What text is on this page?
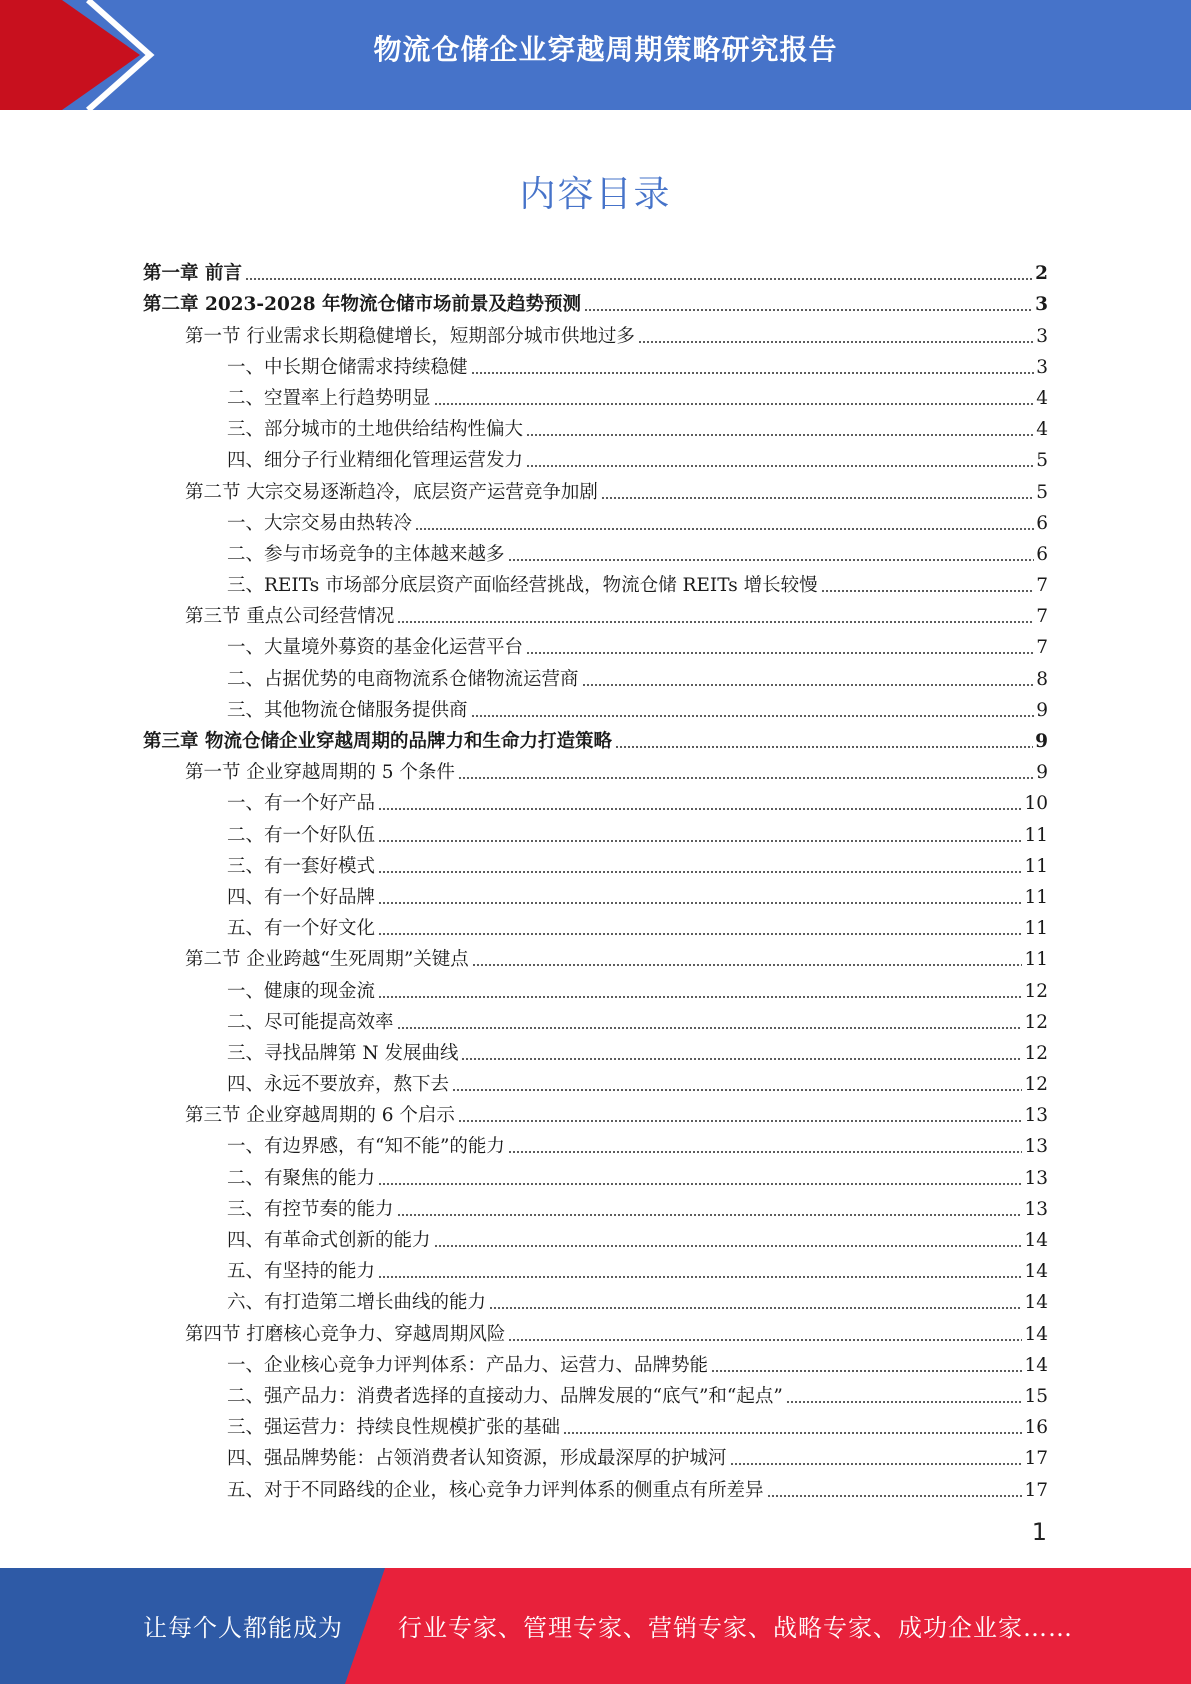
物流仓储企业穿越周期策略研究报告
内容目录
第一章 前言	2
第二章 2023-2028 年物流仓储市场前景及趋势预测	3
第一节 行业需求长期稳健增长，短期部分城市供地过多	3
一、中长期仓储需求持续稳健	3
二、空置率上行趋势明显	4
三、部分城市的土地供给结构性偏大	4
四、细分子行业精细化管理运营发力	5
第二节 大宗交易逐渐趋冷，底层资产运营竞争加剧	5
一、大宗交易由热转冷	6
二、参与市场竞争的主体越来越多	6
三、REITs 市场部分底层资产面临经营挑战，物流仓储 REITs 增长较慢	7
第三节 重点公司经营情况	7
一、大量境外募资的基金化运营平台	7
二、占据优势的电商物流系仓储物流运营商	8
三、其他物流仓储服务提供商	9
第三章 物流仓储企业穿越周期的品牌力和生命力打造策略	9
第一节 企业穿越周期的 5 个条件	9
一、有一个好产品	10
二、有一个好队伍	11
三、有一套好模式	11
四、有一个好品牌	11
五、有一个好文化	11
第二节 企业跨越“生死周期”关键点	11
一、健康的现金流	12
二、尽可能提高效率	12
三、寻找品牌第 N 发展曲线	12
四、永远不要放弃，熬下去	12
第三节 企业穿越周期的 6 个启示	13
一、有边界感，有“知不能”的能力	13
二、有聚焦的能力	13
三、有控节奏的能力	13
四、有革命式创新的能力	14
五、有坚持的能力	14
六、有打造第二增长曲线的能力	14
第四节 打磨核心竞争力、穿越周期风险	14
一、企业核心竞争力评判体系：产品力、运营力、品牌势能	14
二、强产品力：消费者选择的直接动力、品牌发展的“底气”和“起点”	15
三、强运营力：持续良性规模扩张的基础	16
四、强品牌势能：占领消费者认知资源，形成最深厚的护城河	17
五、对于不同路线的企业，核心竞争力评判体系的侧重点有所差异	17
1
让每个人都能成为 行业专家、管理专家、营销专家、战略专家、成功企业家……
